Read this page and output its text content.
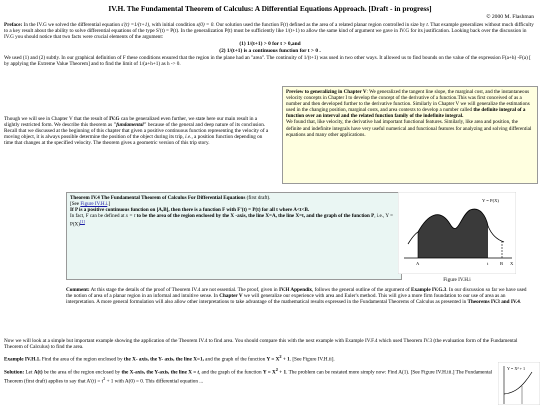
IV.H. The Fundamental Theorem of Calculus: A Differential Equations Approach. [Draft - in progress]
© 2000 M. Flashman
Preface: In the IV.G we solved the differential equation s'(t) =1/(t+1), with initial condition s(0) = 0. Our solution used the function F(t) defined as the area of a related planar region controlled in size by t. That example generalizes without much difficulty to a key result about the ability to solve differential equations of the type S'(t) = P(t). In the generalization P(t) must be sufficiently like 1/(t+1) to allow the same kind of argument we gave in IV.G for its justification. Looking back over the discussion in IV.G you should notice that two facts were crucial elements of the argument:
(1) 1/(t+1) > 0 for t > 0,and
(2) 1/(t+1) is a continuous function for t > 0 .
We used (1) and (2) subtly. In our graphical definition of F these conditions ensured that the region in the plane had an "area". The continuity of 1/(t+1) was used in two other ways. It allowed us to find bounds on the value of the expression F(a+h) -F(a) [ by applying the Extreme Value Theorem] and to find the limit of 1/(a+h+1) as h -> 0.
Though we will see in Chapter V that the result of IV.G can be generalized even further, we state here our main result in a slightly restricted form. We describe this theorem as "fundamental" because of the general and deep nature of its conclusion. Recall that we discussed at the beginning of this chapter that given a positive continuous function representing the velocity of a moving object, it is always possible determine the position of the object during its trip, i.e., a position function depending on time that changes at the specified velocity. The theorem gives a geometric version of this trip story.
Preview to generalizing in Chapter V: We generalized the tangent line slope, the marginal cost, and the instantaneous velocity concepts in Chapter I to develop the concept of the derivative of a function.This was first conceived of as a number and then developed further to the derivative function. Similarly in Chapter V we will generalize the estimations used in the changing position, marginal costs, and area contexts to develop a number called the definite integral of a function over an interval and the related function family of the indefinite integral.
We found that, like velocity, the derivative had important functional features. Similarly, like area and position, the definite and indefinite integrals have very useful numerical and functional features for analyzing and solving differential equations and many other applications.
Theorem IV.4 The Fundamental Theorem of Calculus For Differential Equations (first draft).
[See Figure IV.H.i.]
If P is a positive continuous function on [A,B], then there is a function F with F'(t) = P(t) for all t where A<t<B.
In fact, F can be defined at x = t to be the area of the region enclosed by the X -axis, the line X=A, the line X=t, and the graph of the function P, i.e., Y = P(X)[1]
Y = P(X)
A	t	B X
Figure IV.H.i
Comment: At this stage the details of the proof of Theorem IV.4 are not essential. The proof, given in IV.H Appendix, follows the general outline of the argument of Example IV.G.3. In our discussion so far we have used the notion of area of a planar region in an informal and intuitive sense. In Chapter V we will generalize our experience with area and Euler's method. This will give a more firm foundation to our use of area as an interpretation. A more general formulation will also allow other interpretations to take advantage of the mathematical results expressed in the Fundamental Theorems of Calculus as presented in Theorems IV.3 and IV.4.
Now we will look at a simple but important example showing the application of the Theorem IV.4 to find area. You should compare this with the next example with Example IV.F.4 which used Theorem IV.3 (the evaluation form of the Fundamental Theorem of Calculus) to find the area.
Example IV.H.1. Find the area of the region enclosed by the X- axis, the Y- axis, the line X=1, and the graph of the function $Y = X^2 + 1$. [See Figure IV.H.ii].
Solution: Let A(t) be the area of the region enclosed by the X-axis, the Y-axis, the line X = t, and the graph of the function $Y = X^2 + 1$. The problem can be restated more simply now: Find A(1). [See Figure IV.H.iii.] The Fundamental Theorem (first draft) applies to say that $A'(t) = t^2 + 1$ with A(0) = 0. This differential equation ...
Y = X² + 1
